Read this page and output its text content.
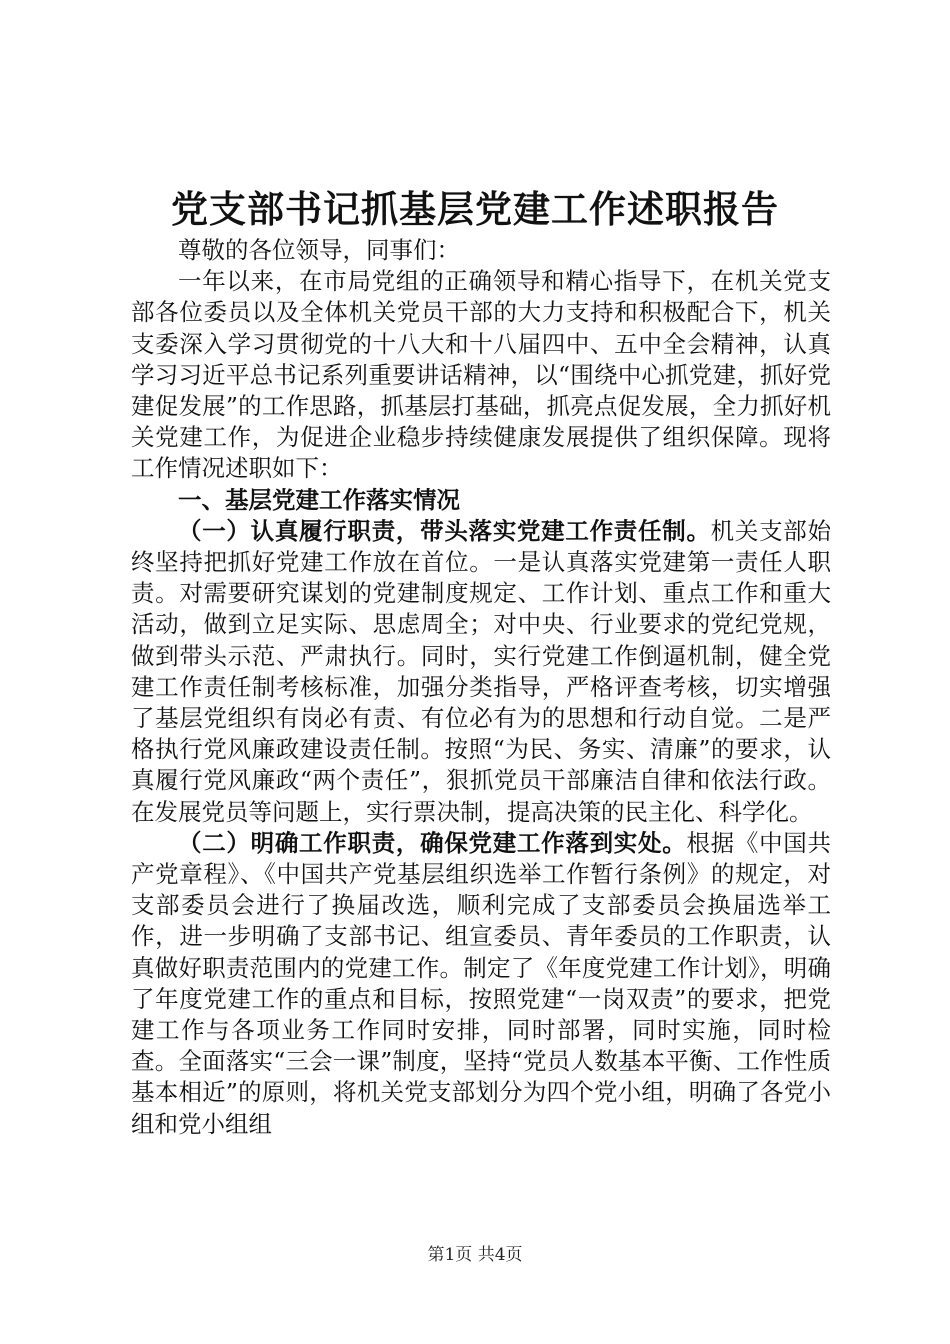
党支部书记抓基层党建工作述职报告

尊敬的各位领导，同事们：

一年以来，在市局党组的正确领导和精心指导下，在机关党支部各位委员以及全体机关党员干部的大力支持和积极配合下，机关支委深入学习贯彻党的十八大和十八届四中、五中全会精神，认真学习习近平总书记系列重要讲话精神，以“围绕中心抓党建，抓好党建促发展”的工作思路，抓基层打基础，抓亮点促发展，全力抓好机关党建工作，为促进企业稳步持续健康发展提供了组织保障。现将工作情况述职如下：

一、基层党建工作落实情况

（一）认真履行职责，带头落实党建工作责任制。机关支部始终坚持把抓好党建工作放在首位。一是认真落实党建第一责任人职责。对需要研究谋划的党建制度规定、工作计划、重点工作和重大活动，做到立足实际、思虑周全；对中央、行业要求的党纪党规，做到带头示范、严肃执行。同时，实行党建工作倒逼机制，健全党建工作责任制考核标准，加强分类指导，严格评查考核，切实增强了基层党组织有岗必有责、有位必有为的思想和行动自觉。二是严格执行党风廉政建设责任制。按照“为民、务实、清廉”的要求，认真履行党风廉政“两个责任”，狠抓党员干部廉洁自律和依法行政。在发展党员等问题上，实行票决制，提高决策的民主化、科学化。

（二）明确工作职责，确保党建工作落到实处。根据《中国共产党章程》、《中国共产党基层组织选举工作暂行条例》的规定，对支部委员会进行了换届改选，顺利完成了支部委员会换届选举工作，进一步明确了支部书记、组宣委员、青年委员的工作职责，认真做好职责范围内的党建工作。制定了《年度党建工作计划》，明确了年度党建工作的重点和目标，按照党建“一岗双责”的要求，把党建工作与各项业务工作同时安排，同时部署，同时实施，同时检查。全面落实“三会一课”制度，坚持“党员人数基本平衡、工作性质基本相近”的原则，将机关党支部划分为四个党小组，明确了各党小组和党小组组

第1页 共4页
